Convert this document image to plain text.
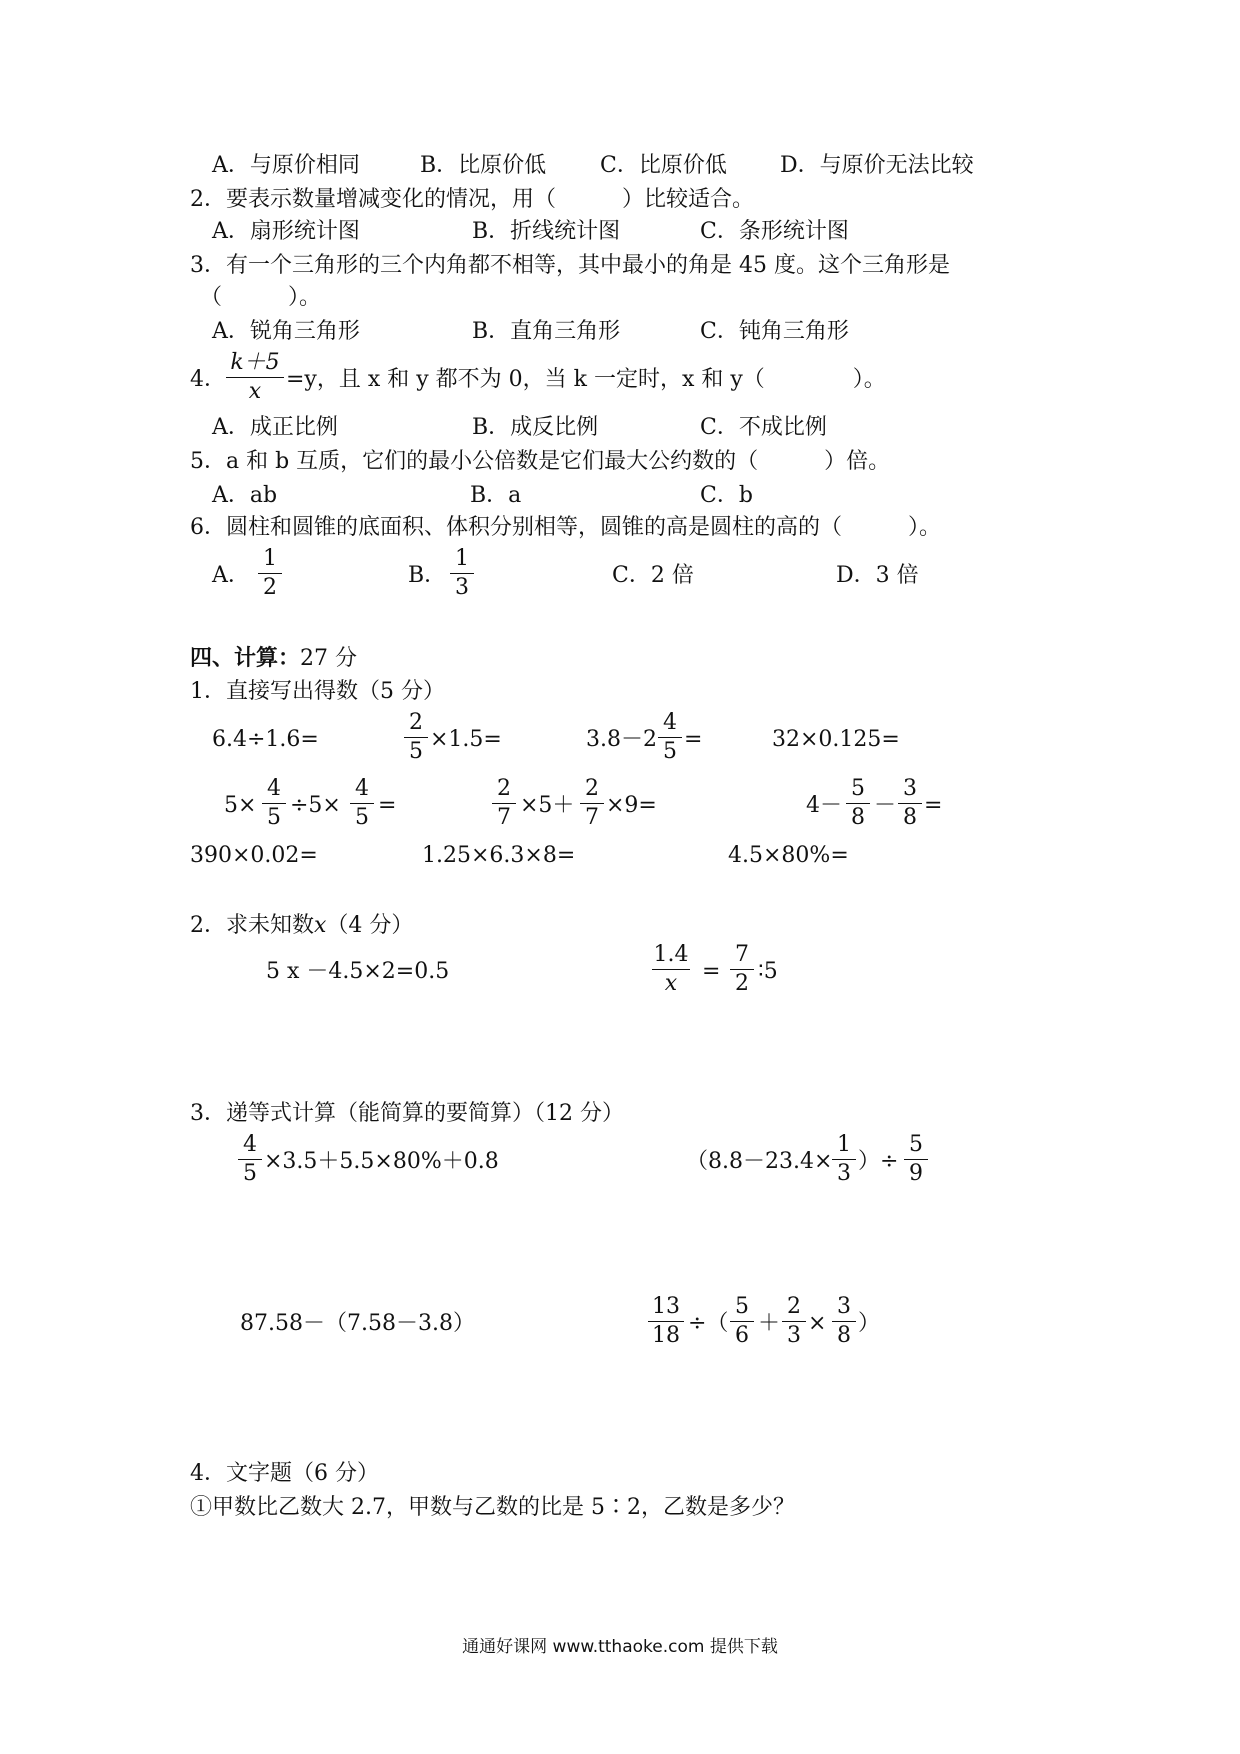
A．与原价相同	B．比原价低 C．比原价低 D．与原价无法比较
2．要表示数量增减变化的情况，用（　　　）比较适合。
A．扇形统计图	B．折线统计图	C．条形统计图
3．有一个三角形的三个内角都不相等，其中最小的角是 45 度。这个三角形是
（　　　）。
A．锐角三角形	B．直角三角形	C．钝角三角形
4．
k＋5
x	=y，且 x 和 y 都不为 0，当 k 一定时，x 和 y（　　　　）。
A．成正比例	B．成反比例	C．不成比例
5．a 和 b 互质，它们的最小公倍数是它们最大公约数的（　　　）倍。
A．ab	B．a	C．b
6．圆柱和圆锥的底面积、体积分别相等，圆锥的高是圆柱的高的（　　　）。
A．
1
2	B．
1
3	C．2 倍	D．3 倍
四、计算：27 分
1．直接写出得数（5 分）
6.4÷1.6=
2
5 ×1.5=	3.8－2
4
5 =	32×0.125=
5×
4
5 ÷5×
4
5 =
2
7 ×5＋
2
7 ×9=	4－
5
8 －
3
8 =
390×0.02=	1.25×6.3×8=	4.5×80%=
2．求未知数x（4 分）
5 x －4.5×2=0.5
1.4
x	=
7
2 ∶5
3．递等式计算（能简算的要简算）（12 分）
4
5 ×3.5＋5.5×80%＋0.8	（8.8－23.4×
1
3 ）÷
5
9
87.58－（7.58－3.8）
13
18 ÷（
5
6 ＋
2
3 ×
3
8 ）
4．文字题（6 分）
①甲数比乙数大 2.7，甲数与乙数的比是 5∶2，乙数是多少？
通通好课网 www.tthaoke.com 提供下载
